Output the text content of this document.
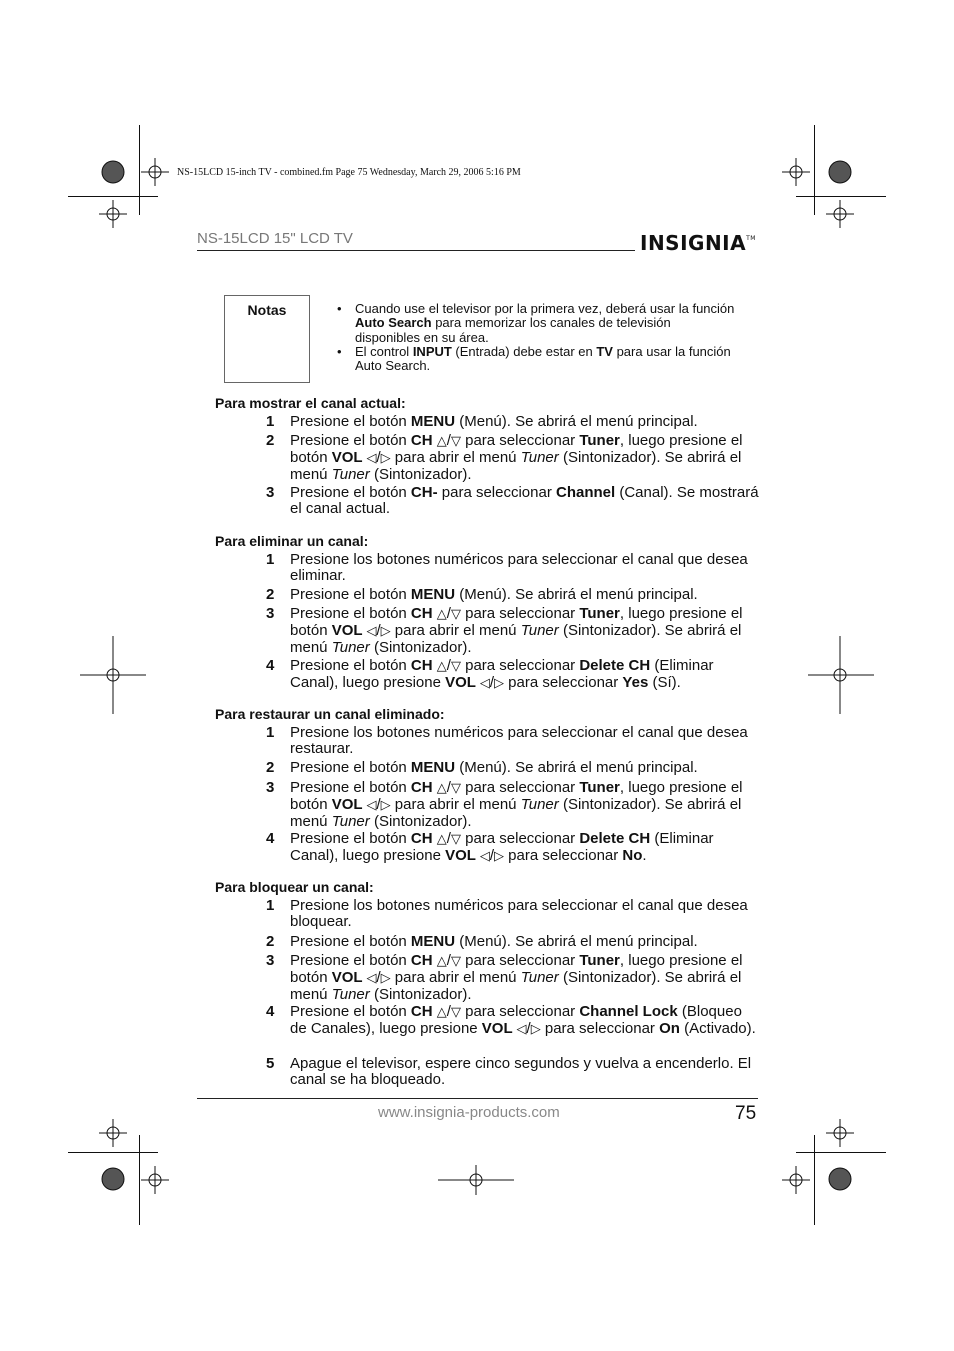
NS-15LCD 15-inch TV - combined.fm Page 75 Wednesday, March 29, 2006 5:16 PM
NS-15LCD 15" LCD TV	INSIGNIA™
Notas	• Cuando use el televisor por la primera vez, deberá usar la función Auto Search para memorizar los canales de televisión disponibles en su área.
• El control INPUT (Entrada) debe estar en TV para usar la función Auto Search.
Para mostrar el canal actual:
1 Presione el botón MENU (Menú). Se abrirá el menú principal.
2 Presione el botón CH △/▽ para seleccionar Tuner, luego presione el botón VOL ◁/▷ para abrir el menú Tuner (Sintonizador). Se abrirá el menú Tuner (Sintonizador).
3 Presione el botón CH- para seleccionar Channel (Canal). Se mostrará el canal actual.
Para eliminar un canal:
1 Presione los botones numéricos para seleccionar el canal que desea eliminar.
2 Presione el botón MENU (Menú). Se abrirá el menú principal.
3 Presione el botón CH △/▽ para seleccionar Tuner, luego presione el botón VOL ◁/▷ para abrir el menú Tuner (Sintonizador). Se abrirá el menú Tuner (Sintonizador).
4 Presione el botón CH △/▽ para seleccionar Delete CH (Eliminar Canal), luego presione VOL ◁/▷ para seleccionar Yes (Sí).
Para restaurar un canal eliminado:
1 Presione los botones numéricos para seleccionar el canal que desea restaurar.
2 Presione el botón MENU (Menú). Se abrirá el menú principal.
3 Presione el botón CH △/▽ para seleccionar Tuner, luego presione el botón VOL ◁/▷ para abrir el menú Tuner (Sintonizador). Se abrirá el menú Tuner (Sintonizador).
4 Presione el botón CH △/▽ para seleccionar Delete CH (Eliminar Canal), luego presione VOL ◁/▷ para seleccionar No.
Para bloquear un canal:
1 Presione los botones numéricos para seleccionar el canal que desea bloquear.
2 Presione el botón MENU (Menú). Se abrirá el menú principal.
3 Presione el botón CH △/▽ para seleccionar Tuner, luego presione el botón VOL ◁/▷ para abrir el menú Tuner (Sintonizador). Se abrirá el menú Tuner (Sintonizador).
4 Presione el botón CH △/▽ para seleccionar Channel Lock (Bloqueo de Canales), luego presione VOL ◁/▷ para seleccionar On (Activado).
5 Apague el televisor, espere cinco segundos y vuelva a encenderlo. El canal se ha bloqueado.
www.insignia-products.com	75
